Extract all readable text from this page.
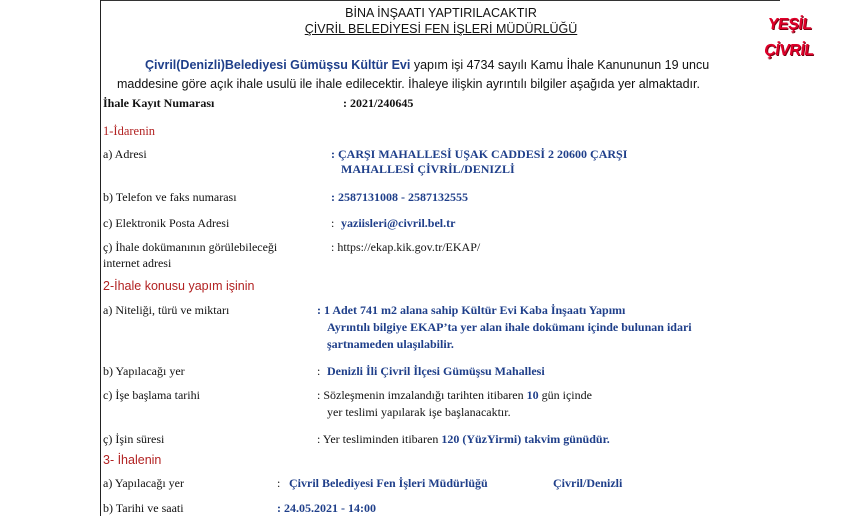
YEŞİL ÇİVRİL
BİNA İNŞAATI YAPTIRILACAKTIR
ÇİVRİL BELEDİYESİ FEN İŞLERİ MÜDÜRLÜĞÜ
Çivril(Denizli)Belediyesi Gümüşsu Kültür Evi yapım işi 4734 sayılı Kamu İhale Kanununun 19 uncu
maddesine göre açık ihale usulü ile ihale edilecektir. İhaleye ilişkin ayrıntılı bilgiler aşağıda yer almaktadır.
İhale Kayıt Numarası	: 2021/240645
1-İdarenin
a) Adresi	: ÇARŞI MAHALLESİ UŞAK CADDESİ 2 20600 ÇARŞI
MAHALLESİ ÇİVRİL/DENIZLİ
b) Telefon ve faks numarası	: 2587131008 - 2587132555
c) Elektronik Posta Adresi	: yaziisleri@civril.bel.tr
ç) İhale dokümanının görülebileceği
internet adresi
: https://ekap.kik.gov.tr/EKAP/
2-İhale konusu yapım işinin
a) Niteliği, türü ve miktarı	: 1 Adet 741 m2 alana sahip Kültür Evi Kaba İnşaatı Yapımı
Ayrıntılı bilgiye EKAP’ta yer alan ihale dokümanı içinde bulunan idari
şartnameden ulaşılabilir.
b) Yapılacağı yer	: Denizli İli Çivril İlçesi Gümüşsu Mahallesi
c) İşe başlama tarihi	: Sözleşmenin imzalandığı tarihten itibaren 10 gün içinde
yer teslimi yapılarak işe başlanacaktır.
ç) İşin süresi	: Yer tesliminden itibaren 120 (YüzYirmi) takvim günüdür.
3- İhalenin
a) Yapılacağı yer	: Çivril Belediyesi Fen İşleri Müdürlüğü	Çivril/Denizli
b) Tarihi ve saati	: 24.05.2021 - 14:00
